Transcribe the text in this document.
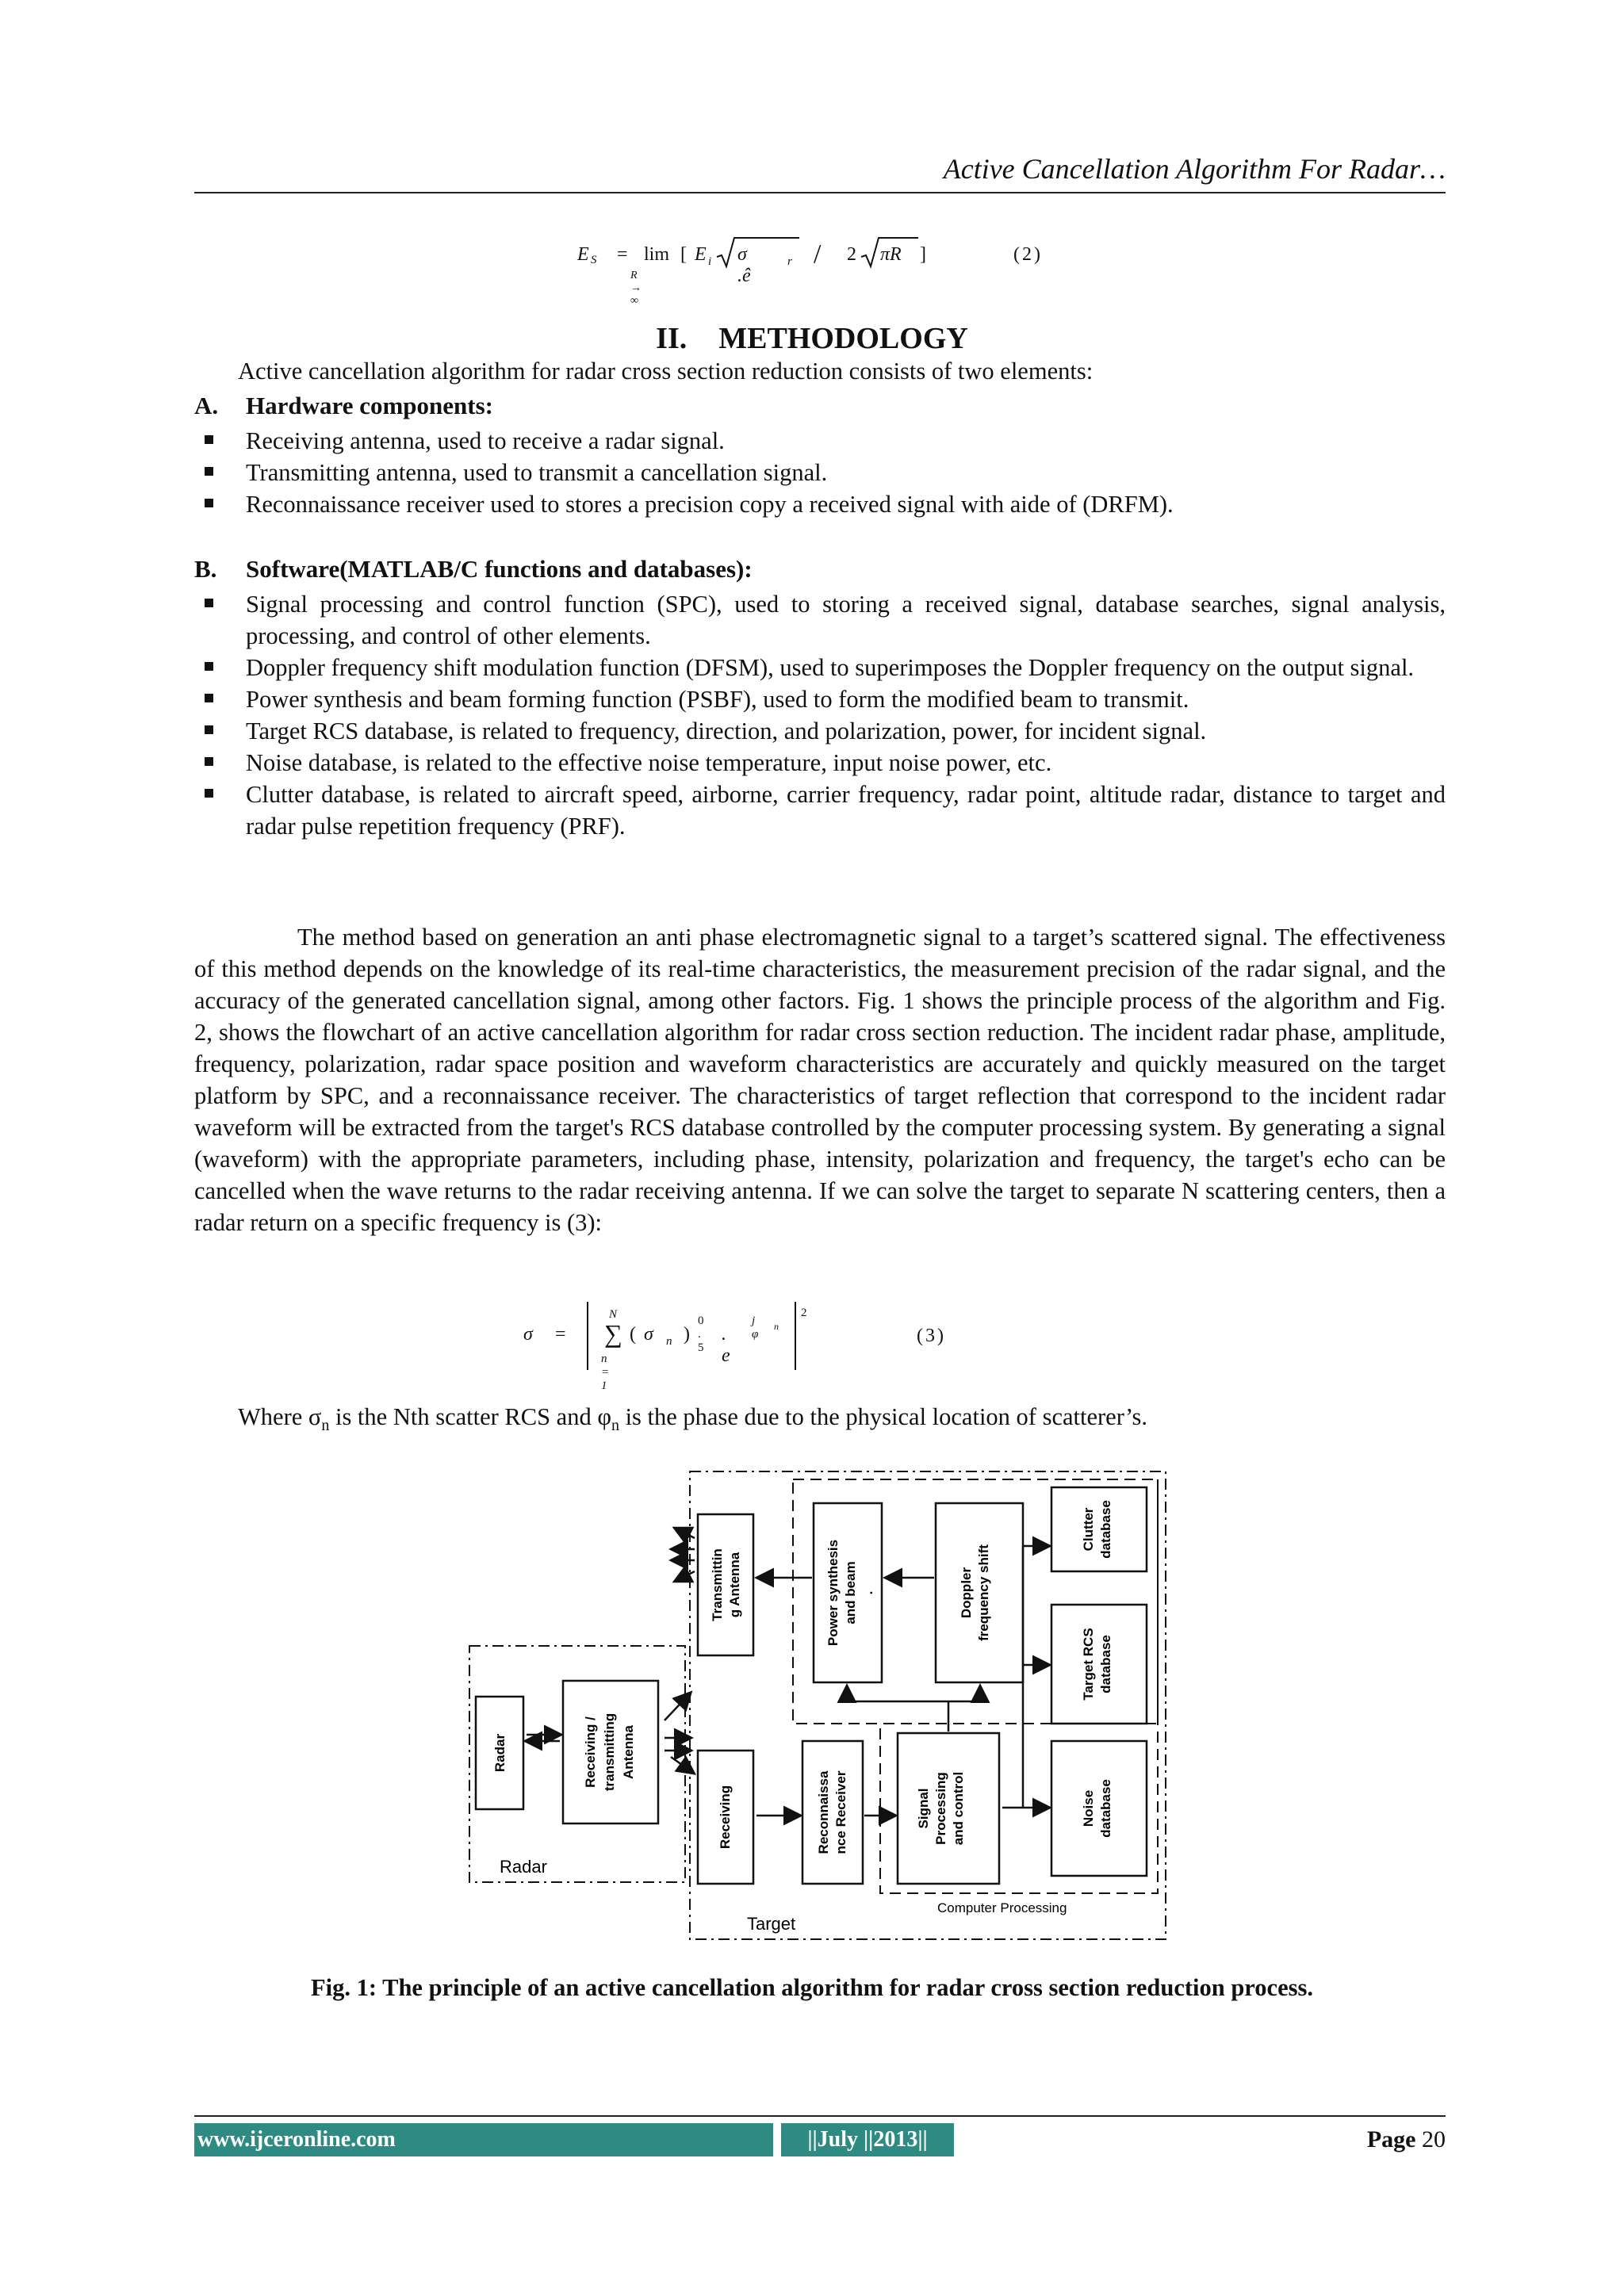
Active Cancellation Algorithm For Radar…
E S = lim
R → ∞
[ E i σ .ê
r / 2 πR ]	(2)
II. METHODOLOGY
Active cancellation algorithm for radar cross section reduction consists of two elements:
A. Hardware components:
Receiving antenna, used to receive a radar signal.
Transmitting antenna, used to transmit a cancellation signal.
Reconnaissance receiver used to stores a precision copy a received signal with aide of (DRFM).
B. Software(MATLAB/C functions and databases):
Signal processing and control function (SPC), used to storing a received signal, database searches, signal analysis, processing, and control of other elements.
Doppler frequency shift modulation function (DFSM), used to superimposes the Doppler frequency on the output signal.
Power synthesis and beam forming function (PSBF), used to form the modified beam to transmit.
Target RCS database, is related to frequency, direction, and polarization, power, for incident signal.
Noise database, is related to the effective noise temperature, input noise power, etc.
Clutter database, is related to aircraft speed, airborne, carrier frequency, radar point, altitude radar, distance to target and radar pulse repetition frequency (PRF).
The method based on generation an anti phase electromagnetic signal to a target’s scattered signal. The effectiveness of this method depends on the knowledge of its real-time characteristics, the measurement precision of the radar signal, and the accuracy of the generated cancellation signal, among other factors. Fig. 1 shows the principle process of the algorithm and Fig. 2, shows the flowchart of an active cancellation algorithm for radar cross section reduction. The incident radar phase, amplitude, frequency, polarization, radar space position and waveform characteristics are accurately and quickly measured on the target platform by SPC, and a reconnaissance receiver. The characteristics of target reflection that correspond to the incident radar waveform will be extracted from the target's RCS database controlled by the computer processing system. By generating a signal (waveform) with the appropriate parameters, including phase, intensity, polarization and frequency, the target's echo can be cancelled when the wave returns to the radar receiving antenna. If we can solve the target to separate N scattering centers, then a radar return on a specific frequency is (3):
σ =
N
∑
n = 1
( σ n )
0 . 5
. e
j φ
n
2
(3)
Where $\sigma_n$ is the Nth scatter RCS and $\varphi_n$ is the phase due to the physical location of scatterer’s.
Radar	Receiving / transmitting Antenna
Transmittin g Antenna	Power synthesis and beam .	Doppler frequency shift
Clutter database
Target RCS database
Receiving	Reconnaissa nce Receiver	Signal Processing and control	Noise database
Radar
Target
Computer Processing
Fig. 1: The principle of an active cancellation algorithm for radar cross section reduction process.
www.ijceronline.com	||July ||2013||	Page 20
